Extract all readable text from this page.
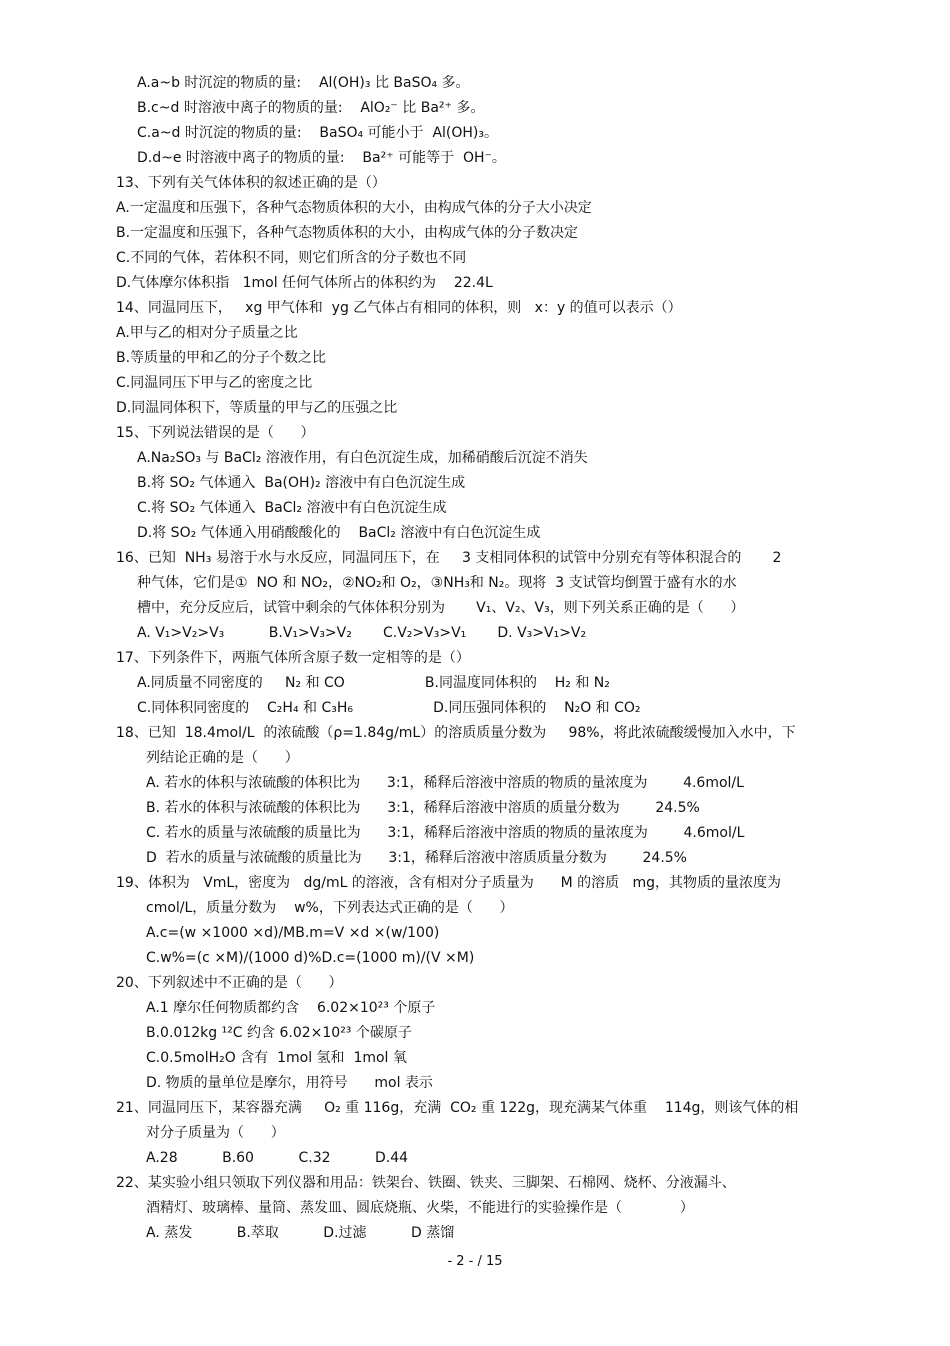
A.a~b 时沉淀的物质的量:    Al(OH)₃ 比 BaSO₄ 多。
B.c~d 时溶液中离子的物质的量:    AlO₂⁻ 比 Ba²⁺ 多。
C.a~d 时沉淀的物质的量:    BaSO₄ 可能小于  Al(OH)₃。
D.d~e 时溶液中离子的物质的量:    Ba²⁺ 可能等于  OH⁻。
13、下列有关气体体积的叙述正确的是（）
A.一定温度和压强下，各种气态物质体积的大小，由构成气体的分子大小决定
B.一定温度和压强下，各种气态物质体积的大小，由构成气体的分子数决定
C.不同的气体，若体积不同，则它们所含的分子数也不同
D.气体摩尔体积指   1mol 任何气体所占的体积约为    22.4L
14、同温同压下，   xg 甲气体和  yg 乙气体占有相同的体积，则   x：y 的值可以表示（）
A.甲与乙的相对分子质量之比
B.等质量的甲和乙的分子个数之比
C.同温同压下甲与乙的密度之比
D.同温同体积下，等质量的甲与乙的压强之比
15、下列说法错误的是（      ）
A.Na₂SO₃ 与 BaCl₂ 溶液作用，有白色沉淀生成，加稀硝酸后沉淀不消失
B.将 SO₂ 气体通入  Ba(OH)₂ 溶液中有白色沉淀生成
C.将 SO₂ 气体通入  BaCl₂ 溶液中有白色沉淀生成
D.将 SO₂ 气体通入用硝酸酸化的    BaCl₂ 溶液中有白色沉淀生成
16、已知  NH₃ 易溶于水与水反应，同温同压下，在     3 支相同体积的试管中分别充有等体积混合的       2
种气体，它们是①  NO 和 NO₂，②NO₂和 O₂，③NH₃和 N₂。现将  3 支试管均倒置于盛有水的水
槽中，充分反应后，试管中剩余的气体体积分别为       V₁、V₂、V₃，则下列关系正确的是（      ）
A. V₁>V₂>V₃          B.V₁>V₃>V₂       C.V₂>V₃>V₁       D. V₃>V₁>V₂
17、下列条件下，两瓶气体所含原子数一定相等的是（）
A.同质量不同密度的     N₂ 和 CO                  B.同温度同体积的    H₂ 和 N₂
C.同体积同密度的    C₂H₄ 和 C₃H₆                  D.同压强同体积的    N₂O 和 CO₂
18、已知  18.4mol/L  的浓硫酸（ρ=1.84g/mL）的溶质质量分数为     98%，将此浓硫酸缓慢加入水中，下
列结论正确的是（      ）
A. 若水的体积与浓硫酸的体积比为      3:1，稀释后溶液中溶质的物质的量浓度为        4.6mol/L
B. 若水的体积与浓硫酸的体积比为      3:1，稀释后溶液中溶质的质量分数为        24.5%
C. 若水的质量与浓硫酸的质量比为      3:1，稀释后溶液中溶质的物质的量浓度为        4.6mol/L
D  若水的质量与浓硫酸的质量比为      3:1，稀释后溶液中溶质质量分数为        24.5%
19、体积为   VmL，密度为   dg/mL 的溶液，含有相对分子质量为      M 的溶质   mg，其物质的量浓度为
cmol/L，质量分数为    w%，下列表达式正确的是（      ）
A.c=(w ×1000 ×d)/MB.m=V ×d ×(w/100)
C.w%=(c ×M)/(1000 d)%D.c=(1000 m)/(V ×M)
20、下列叙述中不正确的是（      ）
A.1 摩尔任何物质都约含    6.02×10²³ 个原子
B.0.012kg ¹²C 约含 6.02×10²³ 个碳原子
C.0.5molH₂O 含有  1mol 氢和  1mol 氧
D. 物质的量单位是摩尔，用符号      mol 表示
21、同温同压下，某容器充满     O₂ 重 116g，充满  CO₂ 重 122g，现充满某气体重    114g，则该气体的相
对分子质量为（      ）
A.28          B.60          C.32          D.44
22、某实验小组只领取下列仪器和用品：铁架台、铁圈、铁夹、三脚架、石棉网、烧杯、分液漏斗、
酒精灯、玻璃棒、量筒、蒸发皿、圆底烧瓶、火柴，不能进行的实验操作是（             ）
A. 蒸发          B.萃取          D.过滤          D 蒸馏
- 2 - / 15
